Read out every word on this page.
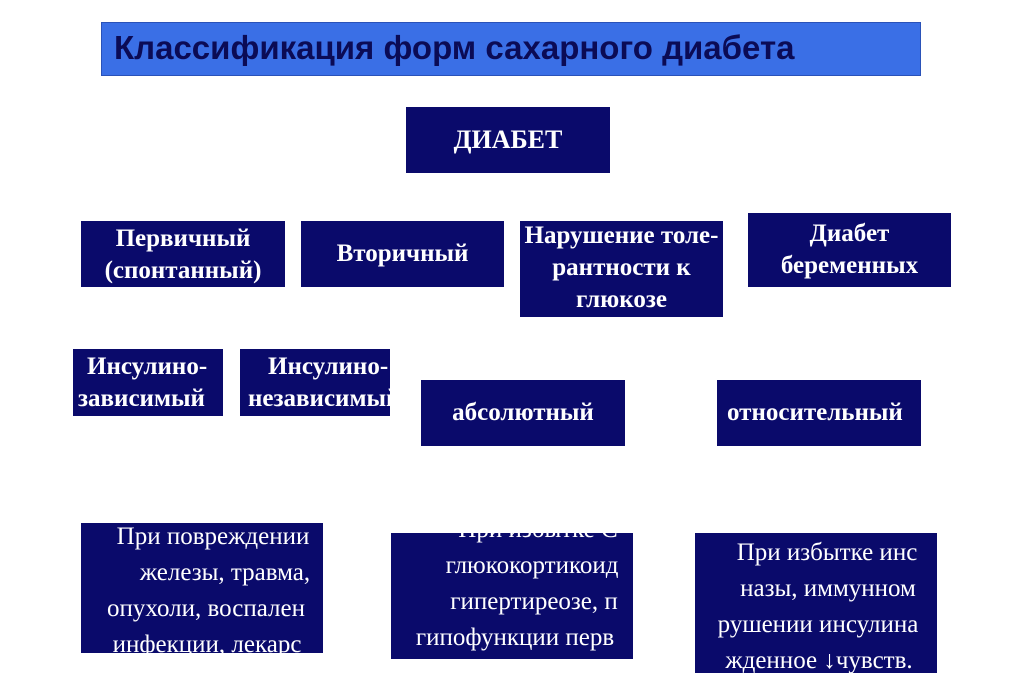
Классификация форм сахарного диабета
ДИАБЕТ
Первичный
(спонтанный)
Вторичный
Нарушение толе-
рантности к
глюкозе
Диабет
беременных
Инсулино-
зависимый
Инсулино-
независимый
абсолютный	относительный
При повреждении
железы, травма,
опухоли, воспален
инфекции, лекарс
При избытке С
глюкокортикоид
гипертиреозе, п
гипофункции перв
При избытке инс
назы, иммунном
рушении инсулина
жденное ↓чувств.
